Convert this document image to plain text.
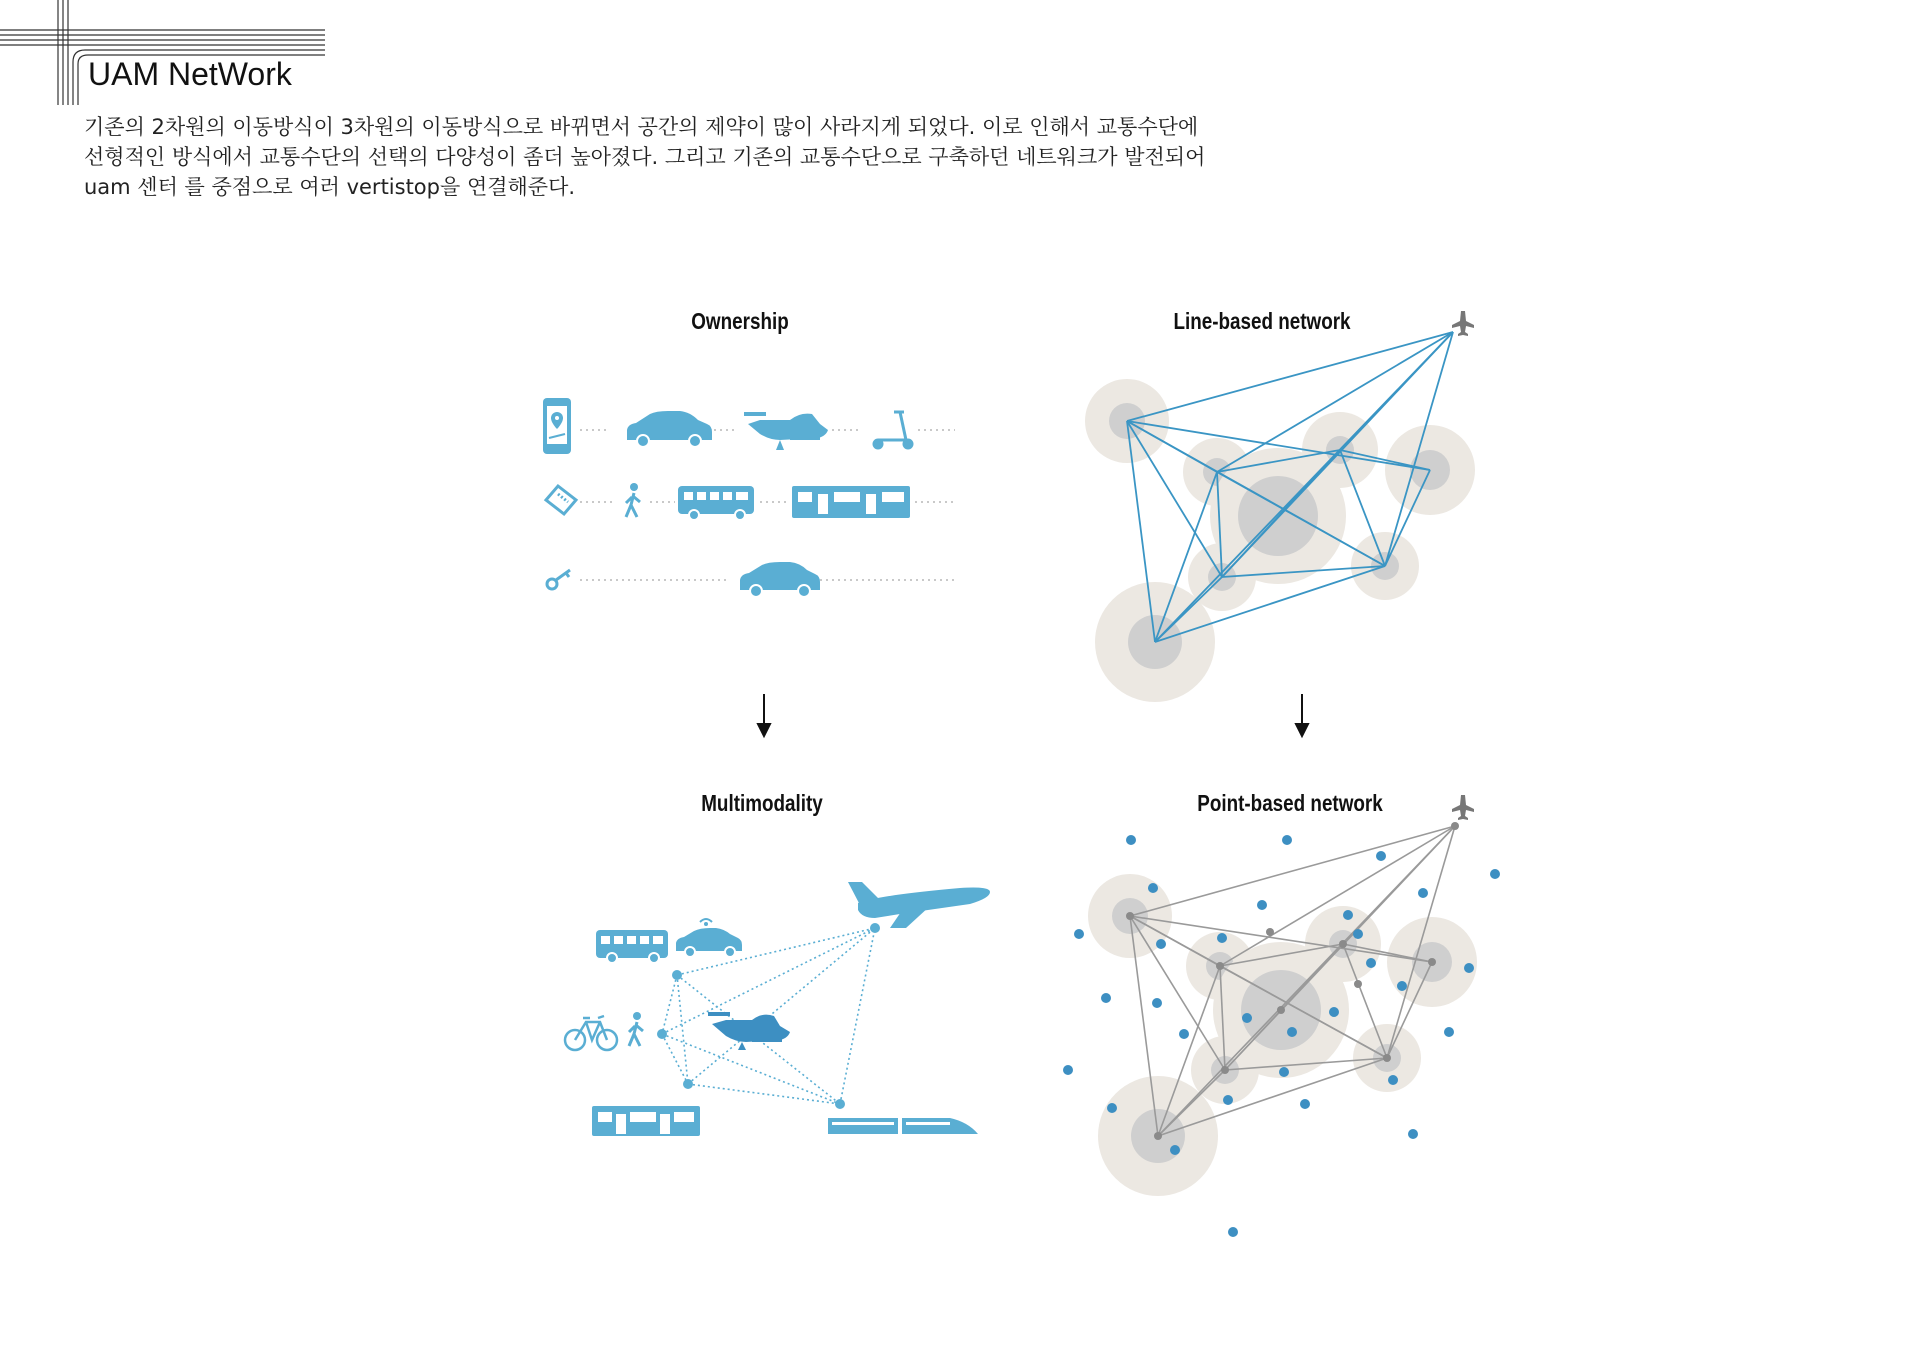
UAM NetWork
기존의 2차원의 이동방식이 3차원의 이동방식으로 바뀌면서 공간의 제약이 많이 사라지게 되었다. 이로 인해서 교통수단에
선형적인 방식에서 교통수단의 선택의 다양성이 좀더 높아졌다. 그리고 기존의 교통수단으로 구축하던 네트워크가 발전되어
uam 센터 를 중점으로 여러 vertistop을 연결해준다.
Ownership	Line-based network
Multimodality	Point-based network
